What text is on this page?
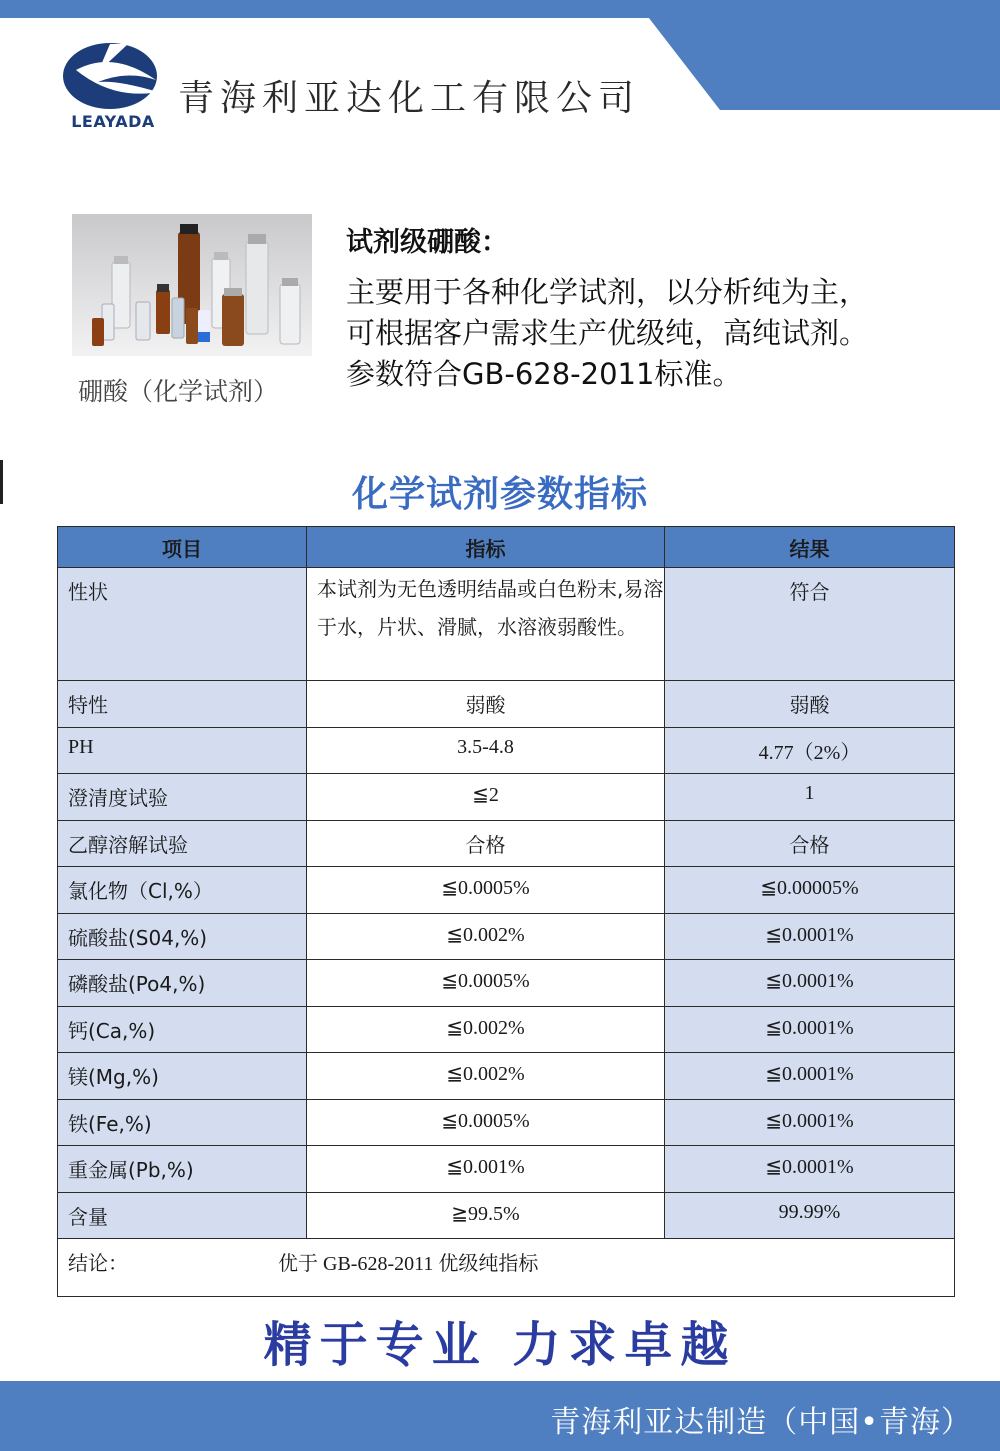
LEAYADA
青海利亚达化工有限公司
硼酸（化学试剂）
试剂级硼酸：

主要用于各种化学试剂，以分析纯为主，

可根据客户需求生产优级纯，高纯试剂。

参数符合GB-628-2011标准。

化学试剂参数指标
项目	指标	结果
性状	本试剂为无色透明结晶或白色粉末,易溶于水，片状、滑腻，水溶液弱酸性。	符合
特性	弱酸	弱酸
PH	3.5-4.8	4.77（2%）
澄清度试验	≦2	1
乙醇溶解试验	合格	合格
氯化物（Cl,%）	≦0.0005%	≦0.00005%
硫酸盐(S04,%)	≦0.002%	≦0.0001%
磷酸盐(Po4,%)	≦0.0005%	≦0.0001%
钙(Ca,%)	≦0.002%	≦0.0001%
镁(Mg,%)	≦0.002%	≦0.0001%
铁(Fe,%)	≦0.0005%	≦0.0001%
重金属(Pb,%)	≦0.001%	≦0.0001%
含量	≧99.5%	99.99%
结论： 优于 GB-628-2011 优级纯指标		
精于专业 力求卓越
青海利亚达制造（中国•青海）
